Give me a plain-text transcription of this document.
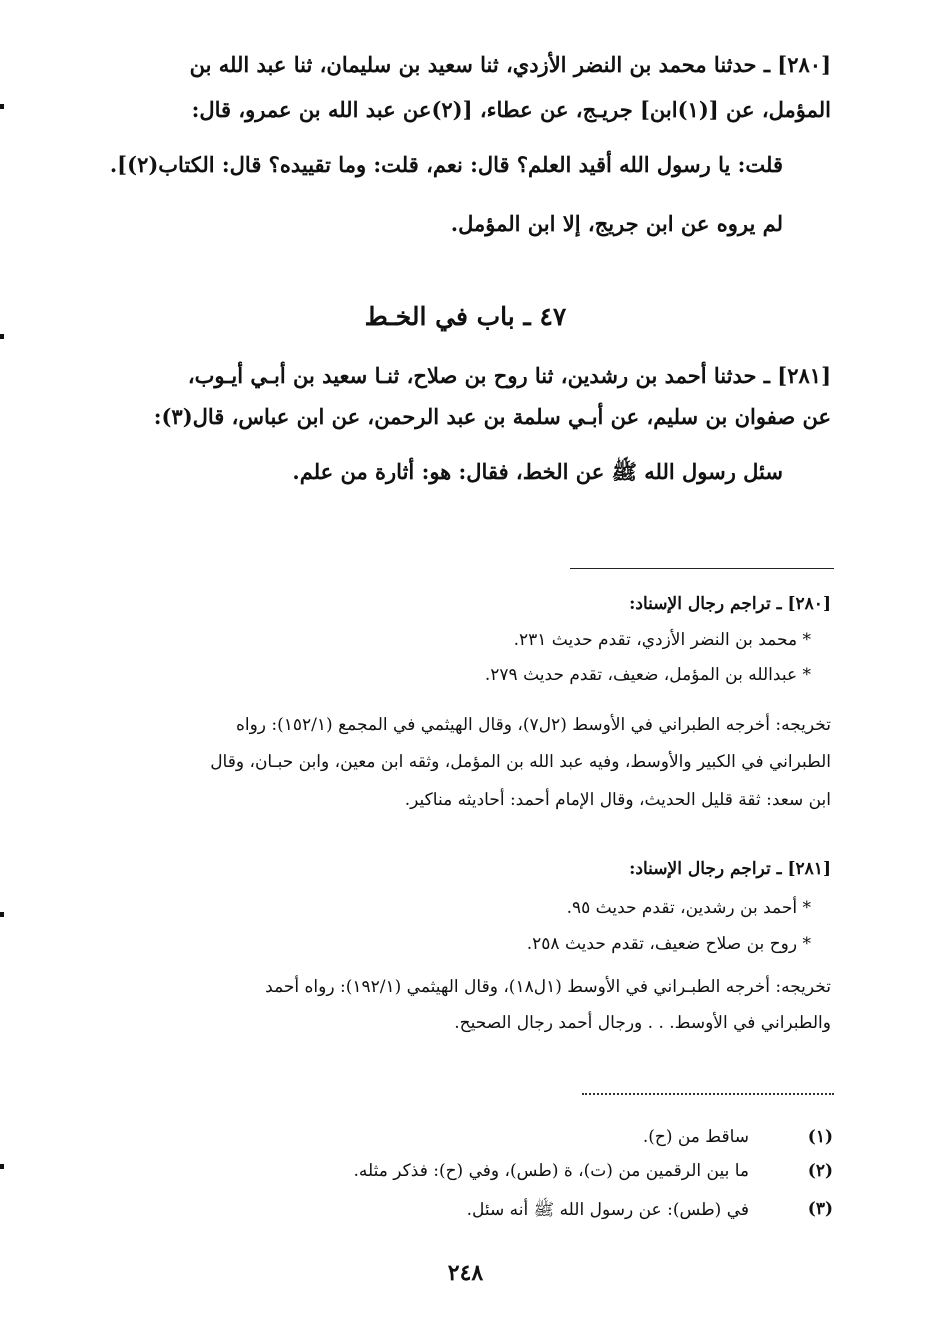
[٢٨٠] ـ حدثنا محمد بن النضر الأزدي، ثنا سعيد بن سليمان، ثنا عبد الله بن
المؤمل، عن [(١)ابن] جريـج، عن عطاء، [(٢)عن عبد الله بن عمرو، قال:
قلت: يا رسول الله أقيد العلم؟ قال: نعم، قلت: وما تقييده؟ قال: الكتاب(٢)].
لم يروه عن ابن جريج، إلا ابن المؤمل.
٤٧ ـ باب في الخـط
[٢٨١] ـ حدثنا أحمد بن رشدين، ثنا روح بن صلاح، ثنـا سعيد بن أبـي أيـوب،
عن صفوان بن سليم، عن أبـي سلمة بن عبد الرحمن، عن ابن عباس، قال(٣):
سئل رسول الله ﷺ عن الخط، فقال: هو: أثارة من علم.
[٢٨٠] ـ تراجم رجال الإسناد:
* محمد بن النضر الأزدي، تقدم حديث ٢٣١.
* عبدالله بن المؤمل، ضعيف، تقدم حديث ٢٧٩.
تخريجه: أخرجه الطبراني في الأوسط (٢ل٧)، وقال الهيثمي في المجمع (١٥٢/١): رواه
الطبراني في الكبير والأوسط، وفيه عبد الله بن المؤمل، وثقه ابن معين، وابن حبـان، وقال
ابن سعد: ثقة قليل الحديث، وقال الإمام أحمد: أحاديثه مناكير.
[٢٨١] ـ تراجم رجال الإسناد:
* أحمد بن رشدين، تقدم حديث ٩٥.
* روح بن صلاح ضعيف، تقدم حديث ٢٥٨.
تخريجه: أخرجه الطبـراني في الأوسط (١ل١٨)، وقال الهيثمي (١٩٢/١): رواه أحمد
والطبراني في الأوسط. . . ورجال أحمد رجال الصحيح.
(١)
ساقط من (ح).
(٢)
ما بين الرقمين من (ت)، ة (طس)، وفي (ح): فذكر مثله.
(٣)
في (طس): عن رسول الله ﷺ أنه سئل.
٢٤٨
